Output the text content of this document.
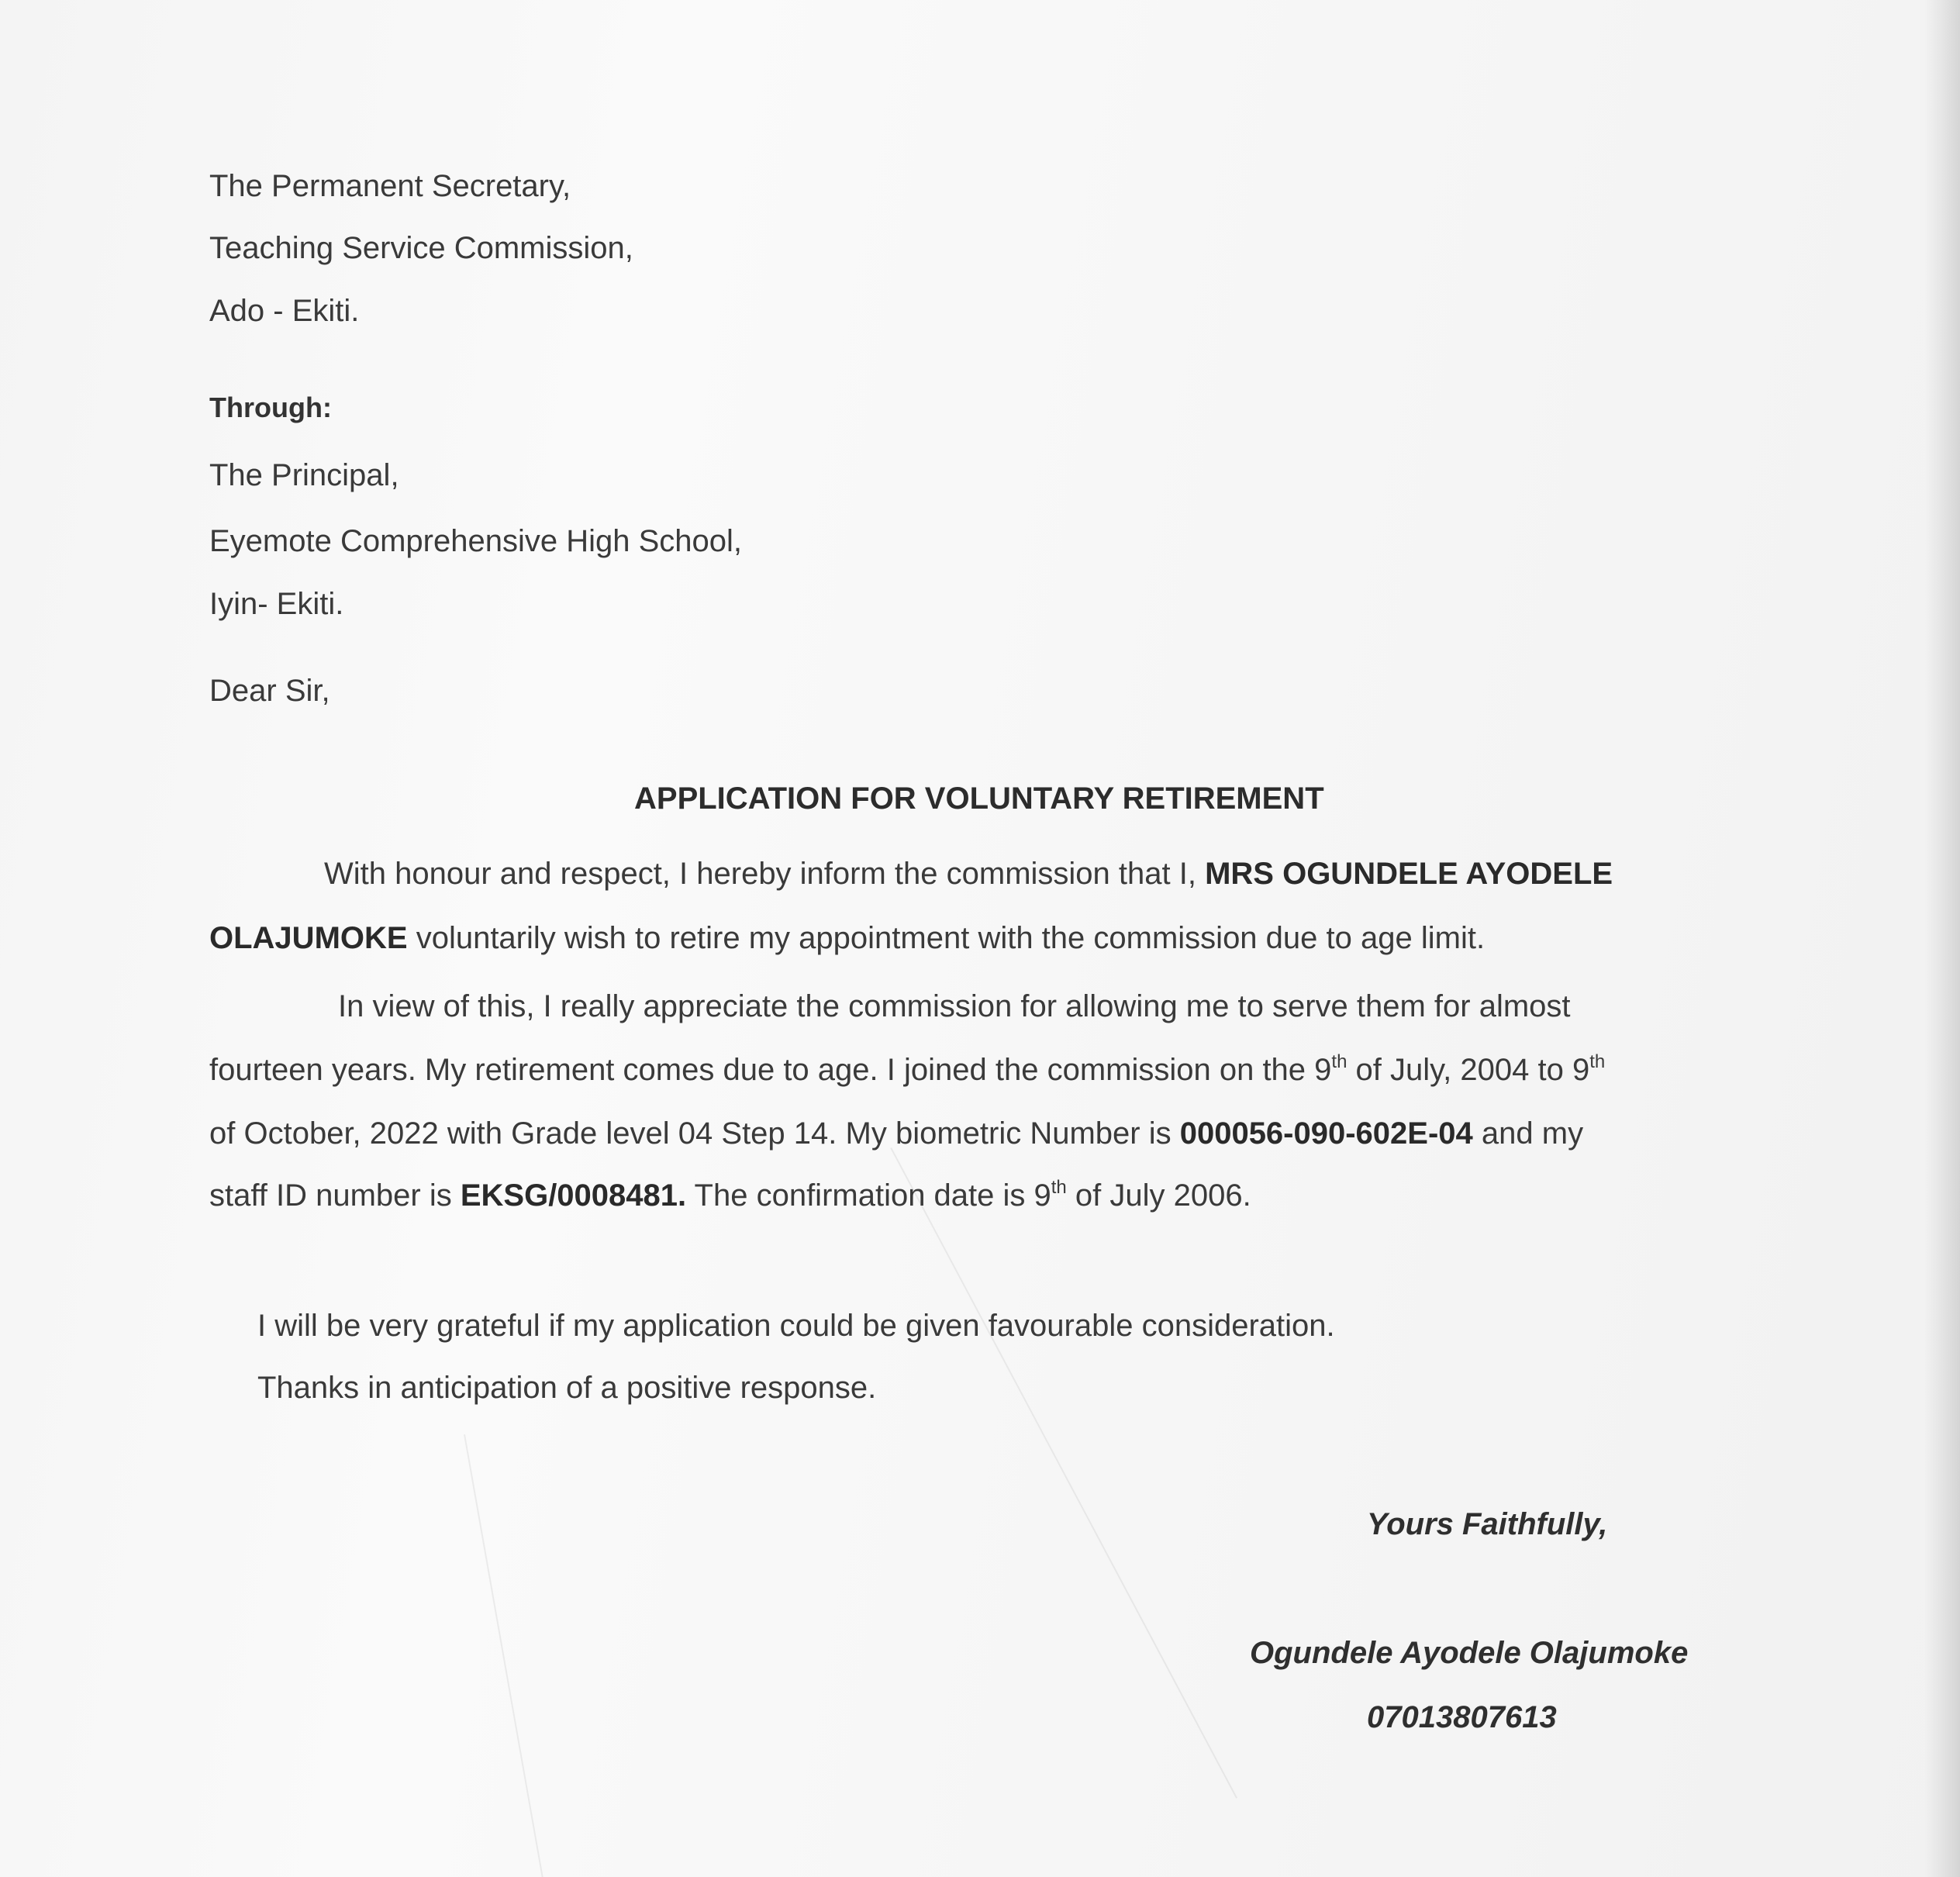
The Permanent Secretary,
Teaching Service Commission,
Ado - Ekiti.
Through:
The Principal,
Eyemote Comprehensive High School,
Iyin- Ekiti.
Dear Sir,
APPLICATION FOR VOLUNTARY RETIREMENT
With honour and respect, I hereby inform the commission that I, MRS OGUNDELE AYODELE
OLAJUMOKE voluntarily wish to retire my appointment with the commission due to age limit.
In view of this, I really appreciate the commission for allowing me to serve them for almost
fourteen years. My retirement comes due to age. I joined the commission on the 9th of July, 2004 to 9th
of October, 2022 with Grade level 04 Step 14. My biometric Number is 000056-090-602E-04 and my
staff ID number is EKSG/0008481. The confirmation date is 9th of July 2006.
I will be very grateful if my application could be given favourable consideration.
Thanks in anticipation of a positive response.
Yours Faithfully,
Ogundele Ayodele Olajumoke
07013807613
